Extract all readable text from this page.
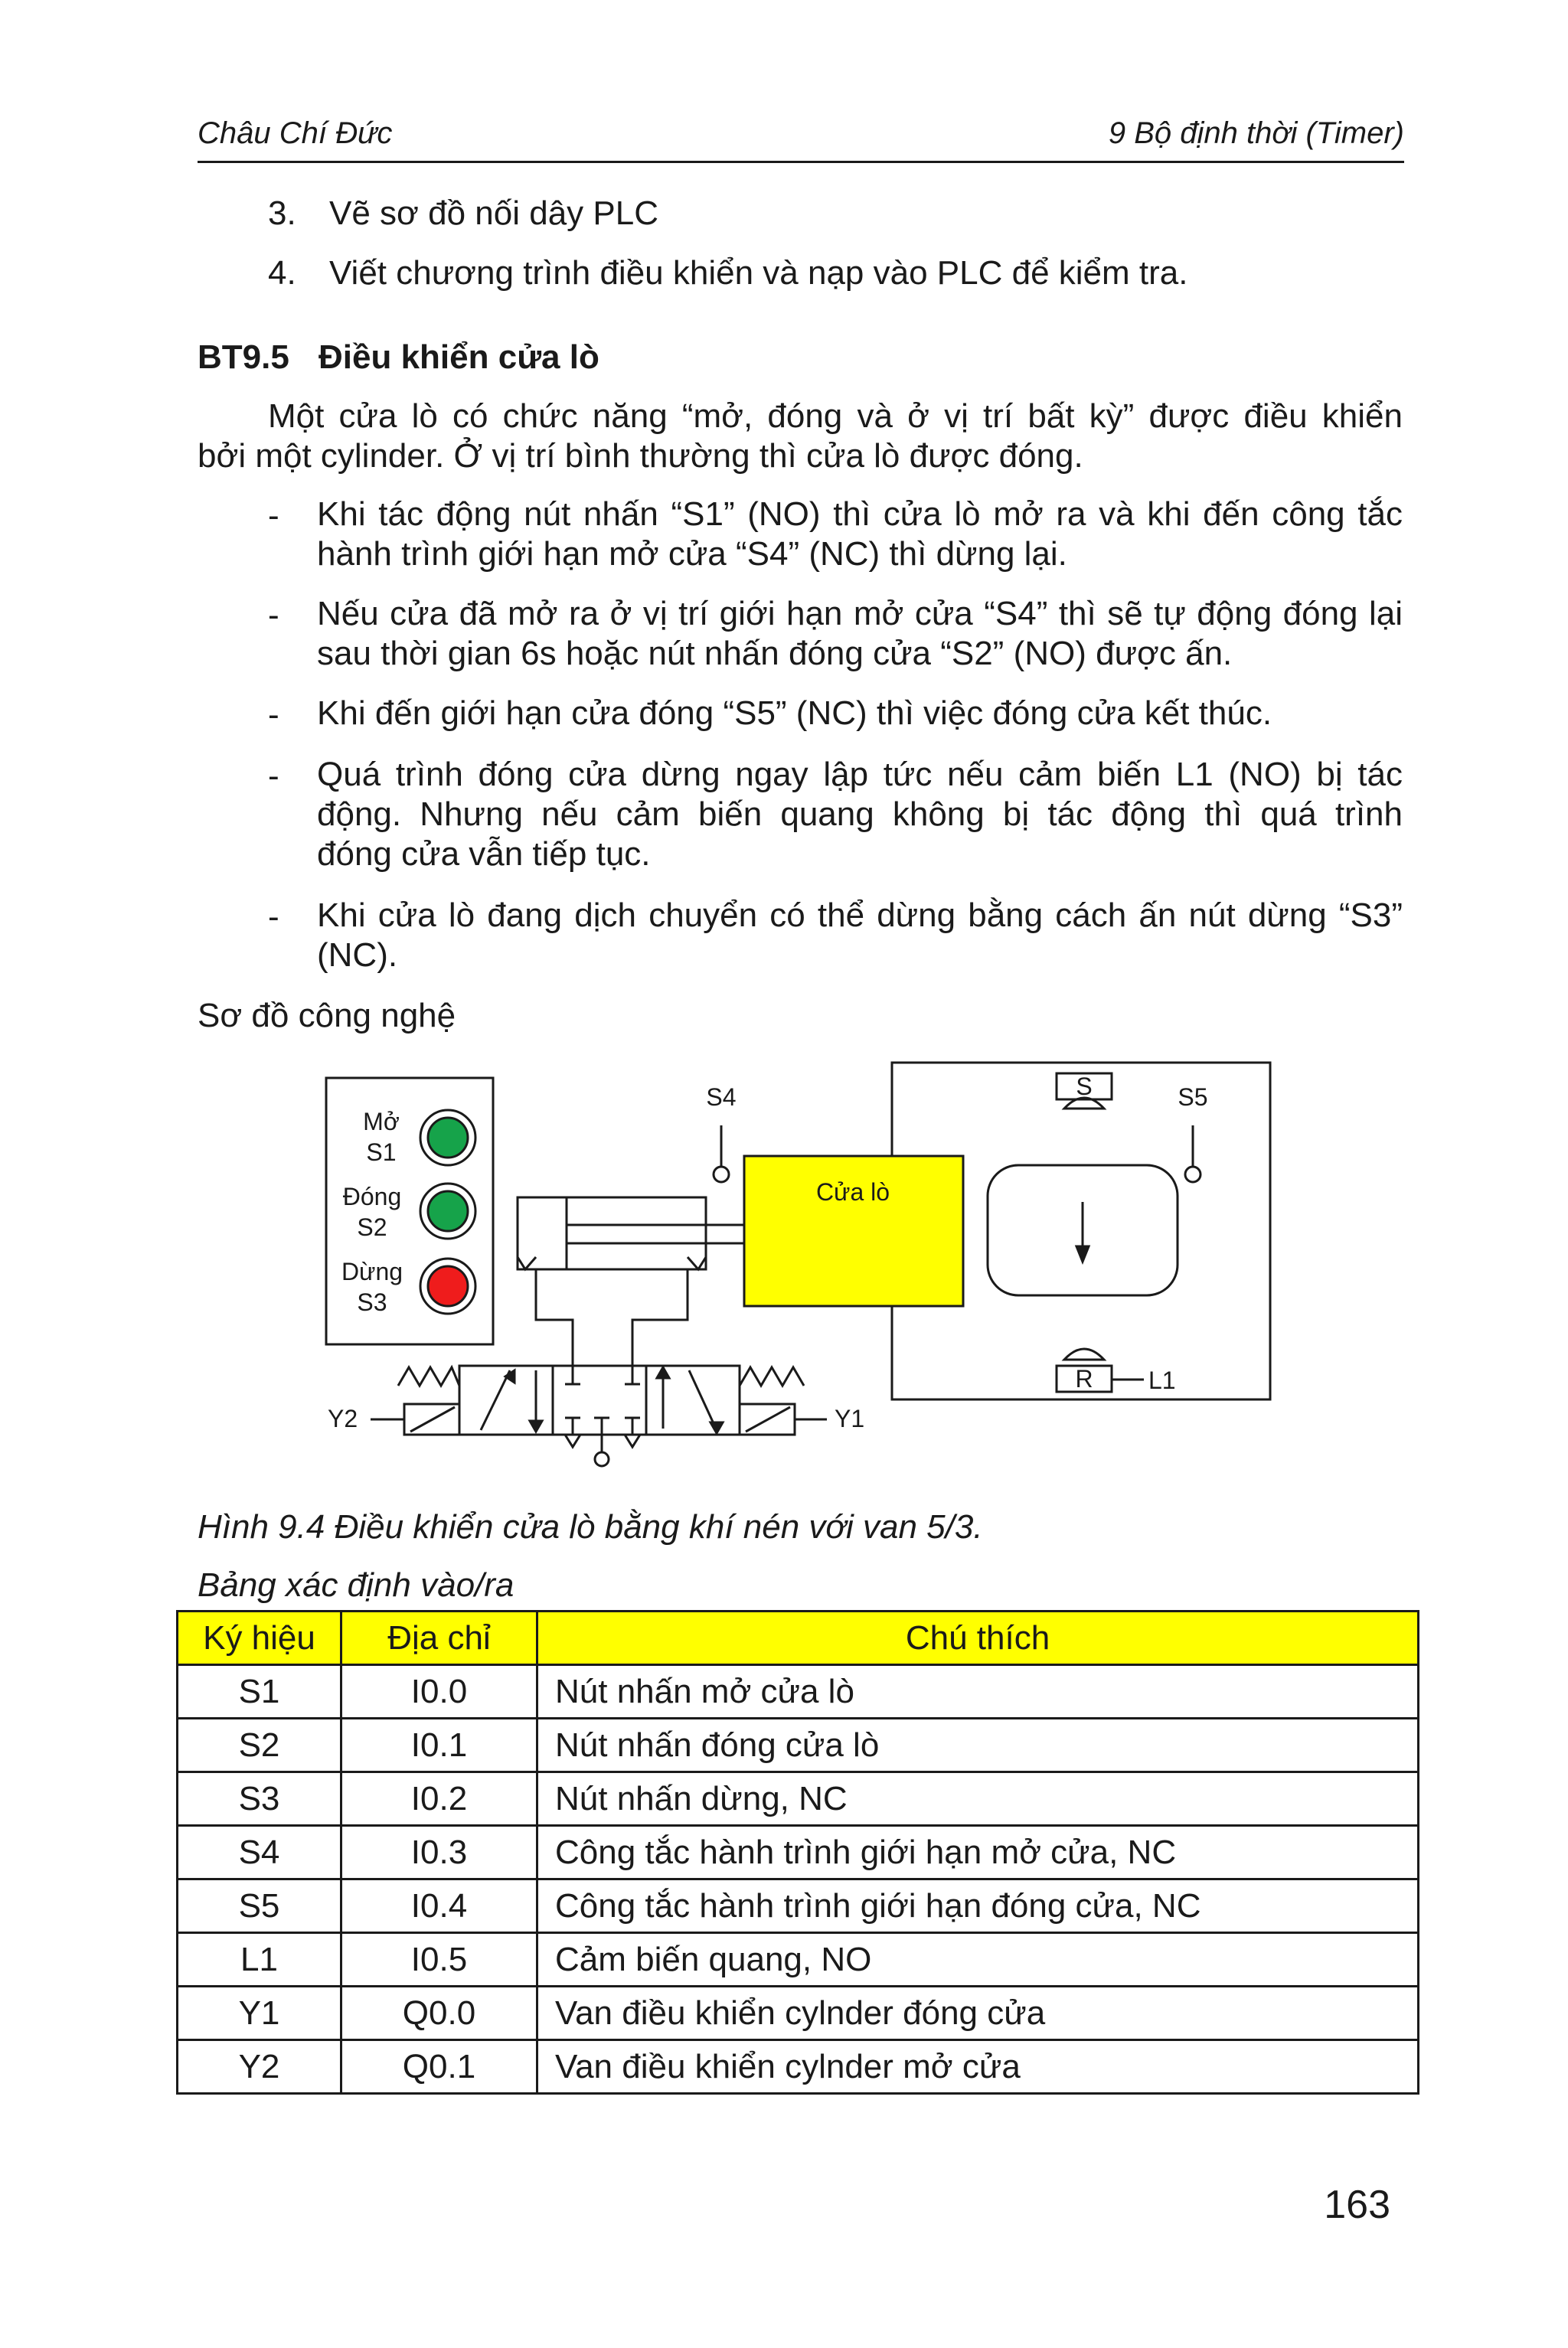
Châu Chí Đức	9 Bộ định thời (Timer)
3. Vẽ sơ đồ nối dây PLC
4. Viết chương trình điều khiển và nạp vào PLC để kiểm tra.
BT9.5 Điều khiển cửa lò
Một cửa lò có chức năng “mở, đóng và ở vị trí bất kỳ” được điều khiển
bởi một cylinder. Ở vị trí bình thường thì cửa lò được đóng.
- Khi tác động nút nhấn “S1” (NO) thì cửa lò mở ra và khi đến công tắc
hành trình giới hạn mở cửa “S4” (NC) thì dừng lại.
- Nếu cửa đã mở ra ở vị trí giới hạn mở cửa “S4” thì sẽ tự động đóng lại
sau thời gian 6s hoặc nút nhấn đóng cửa “S2” (NO) được ấn.
- Khi đến giới hạn cửa đóng “S5” (NC) thì việc đóng cửa kết thúc.
- Quá trình đóng cửa dừng ngay lập tức nếu cảm biến L1 (NO) bị tác
động. Nhưng nếu cảm biến quang không bị tác động thì quá trình
đóng cửa vẫn tiếp tục.
- Khi cửa lò đang dịch chuyển có thể dừng bằng cách ấn nút dừng “S3”
(NC).
Sơ đồ công nghệ
Mở
S1
Đóng
S2
Dừng
S3
S4	S5
Cửa lò
S
R L1
Y2	Y1
Hình 9.4 Điều khiển cửa lò bằng khí nén với van 5/3.
Bảng xác định vào/ra
Ký hiệu	Địa chỉ	Chú thích
S1	I0.0	Nút nhấn mở cửa lò
S2	I0.1	Nút nhấn đóng cửa lò
S3	I0.2	Nút nhấn dừng, NC
S4	I0.3	Công tắc hành trình giới hạn mở cửa, NC
S5	I0.4	Công tắc hành trình giới hạn đóng cửa, NC
L1	I0.5	Cảm biến quang, NO
Y1	Q0.0	Van điều khiển cylnder đóng cửa
Y2	Q0.1	Van điều khiển cylnder mở cửa
163
